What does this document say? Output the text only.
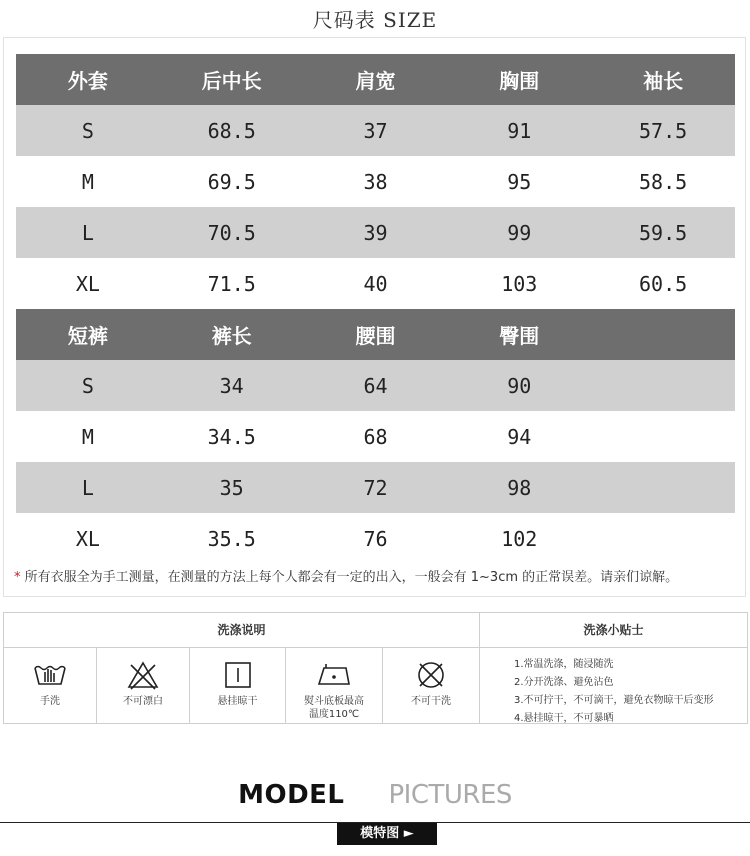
尺码表 SIZE
外套	后中长	肩宽	胸围	袖长
S	68.5	37	91	57.5
M	69.5	38	95	58.5
L	70.5	39	99	59.5
XL	71.5	40	103	60.5
短裤	裤长	腰围	臀围	
S	34	64	90	
M	34.5	68	94	
L	35	72	98	
XL	35.5	76	102	
* 所有衣服全为手工测量，在测量的方法上每个人都会有一定的出入，一般会有 1~3cm 的正常误差。请亲们谅解。
洗涤说明
手洗	不可漂白	悬挂晾干	熨斗底板最高
温度110℃
不可干洗
洗涤小贴士
1.常温洗涤，随浸随洗
2.分开洗涤、避免沾色
3.不可拧干，不可滴干，避免衣物晾干后变形
4.悬挂晾干，不可暴晒
MODEL PICTURES
模特图 ►
